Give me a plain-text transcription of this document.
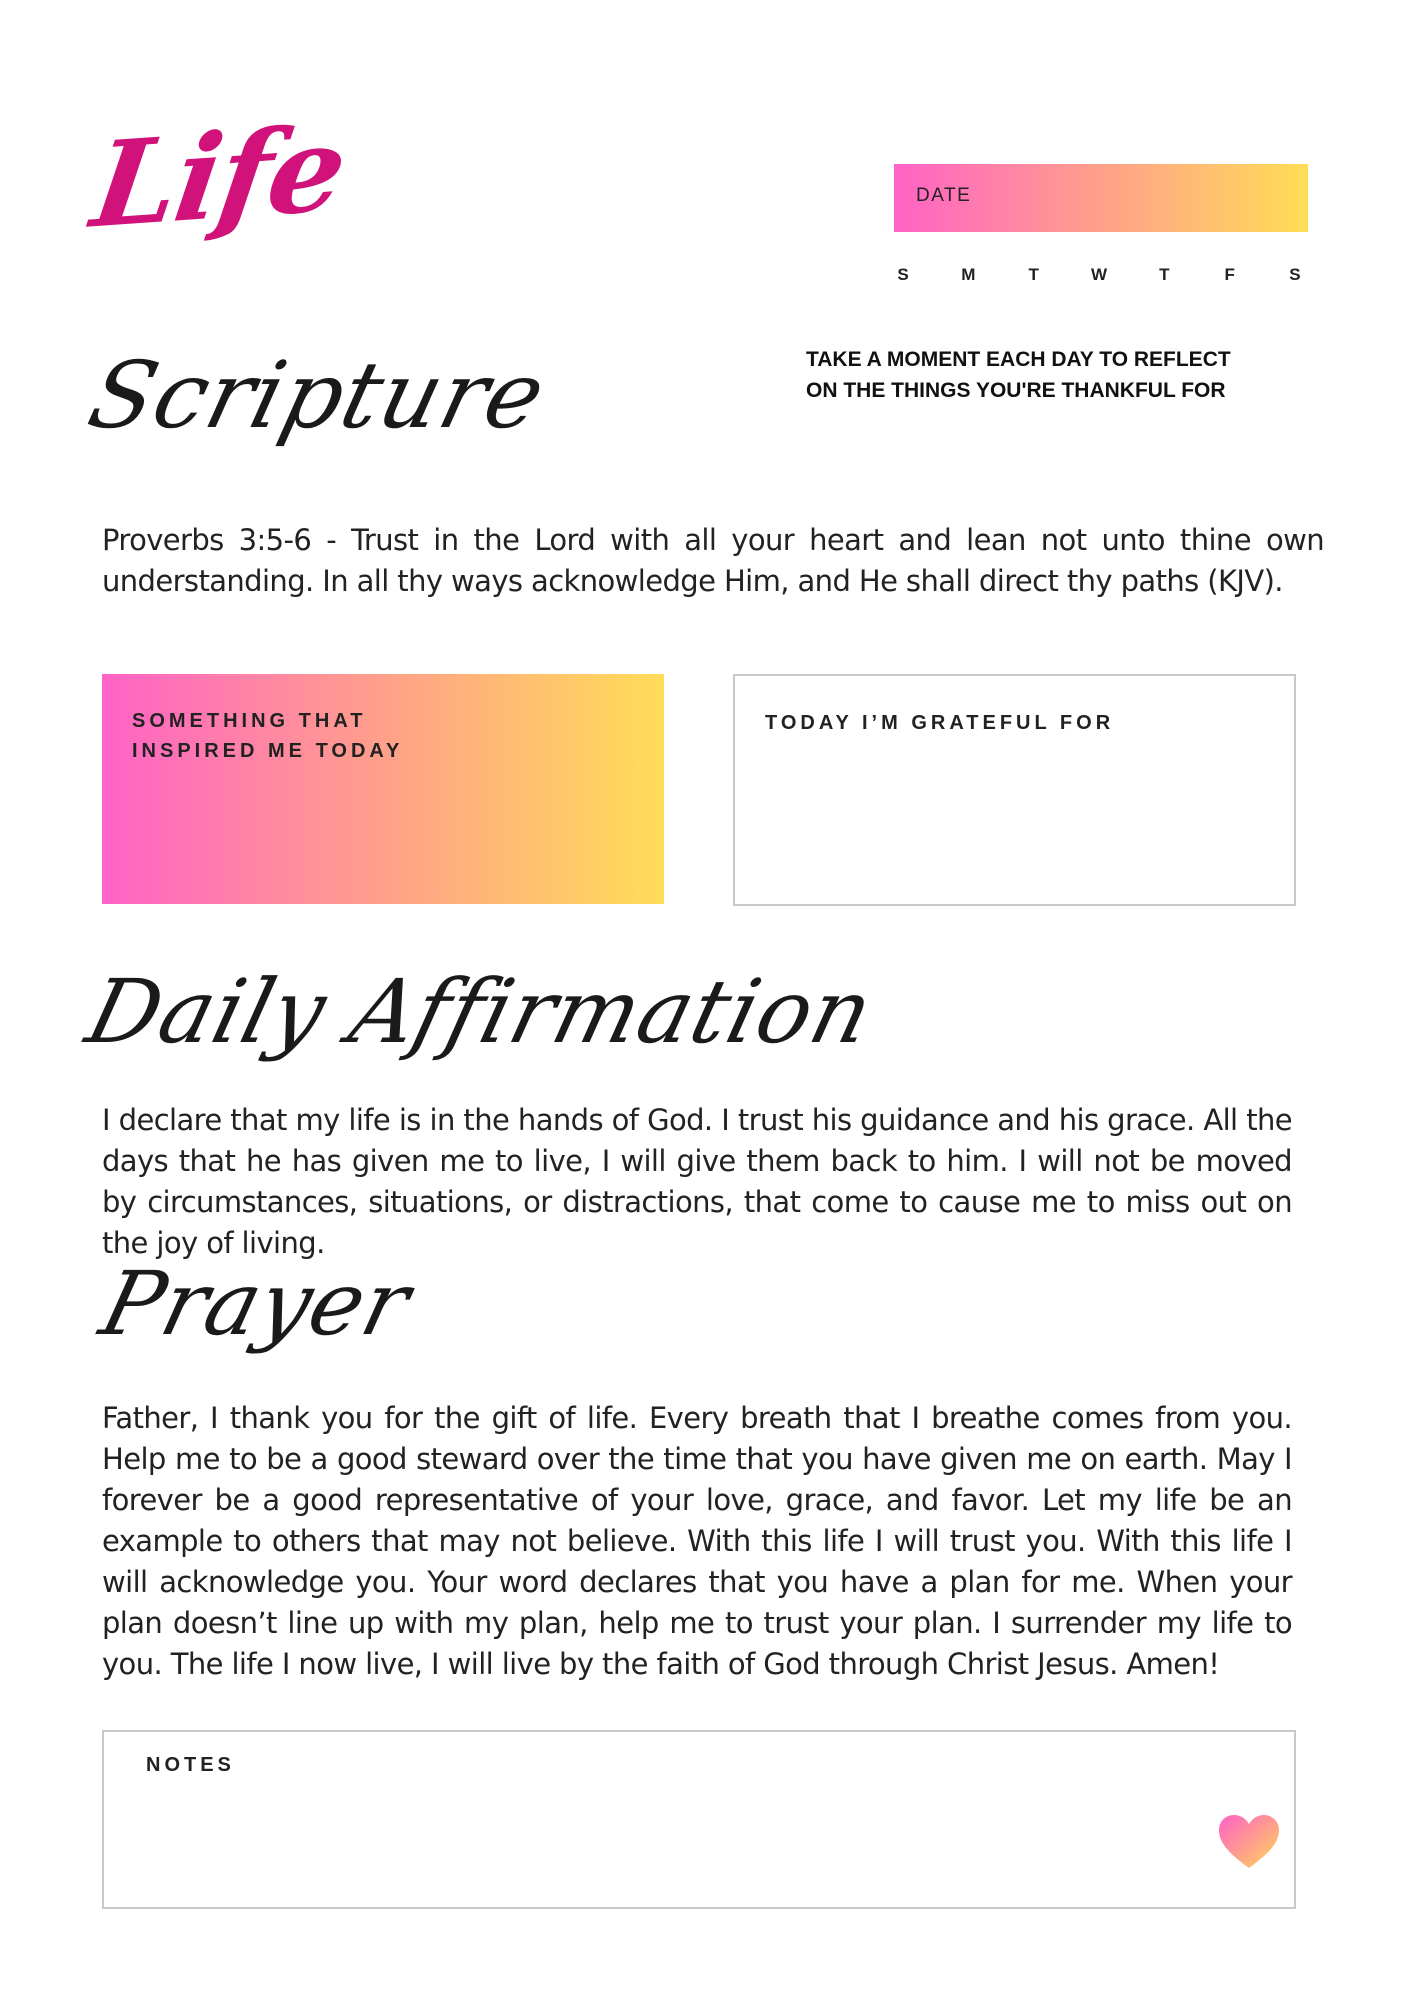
Life	DATE
S	M	T	W	T	F	S
Scripture	TAKE A MOMENT EACH DAY TO REFLECT
ON THE THINGS YOU'RE THANKFUL FOR

Proverbs 3:5-6 - Trust in the Lord with all your heart and lean not unto thine own understanding. In all thy ways acknowledge Him, and He shall direct thy paths (KJV).

SOMETHING THAT
INSPIRED ME TODAY
TODAY I’M GRATEFUL FOR
Daily Affirmation

I declare that my life is in the hands of God. I trust his guidance and his grace. All the days that he has given me to live, I will give them back to him. I will not be moved by circumstances, situations, or distractions, that come to cause me to miss out on the joy of living.

Prayer

Father, I thank you for the gift of life. Every breath that I breathe comes from you. Help me to be a good steward over the time that you have given me on earth. May I forever be a good representative of your love, grace, and favor. Let my life be an example to others that may not believe. With this life I will trust you. With this life I will acknowledge you. Your word declares that you have a plan for me. When your plan doesn’t line up with my plan, help me to trust your plan. I surrender my life to you. The life I now live, I will live by the faith of God through Christ Jesus. Amen!

NOTES
